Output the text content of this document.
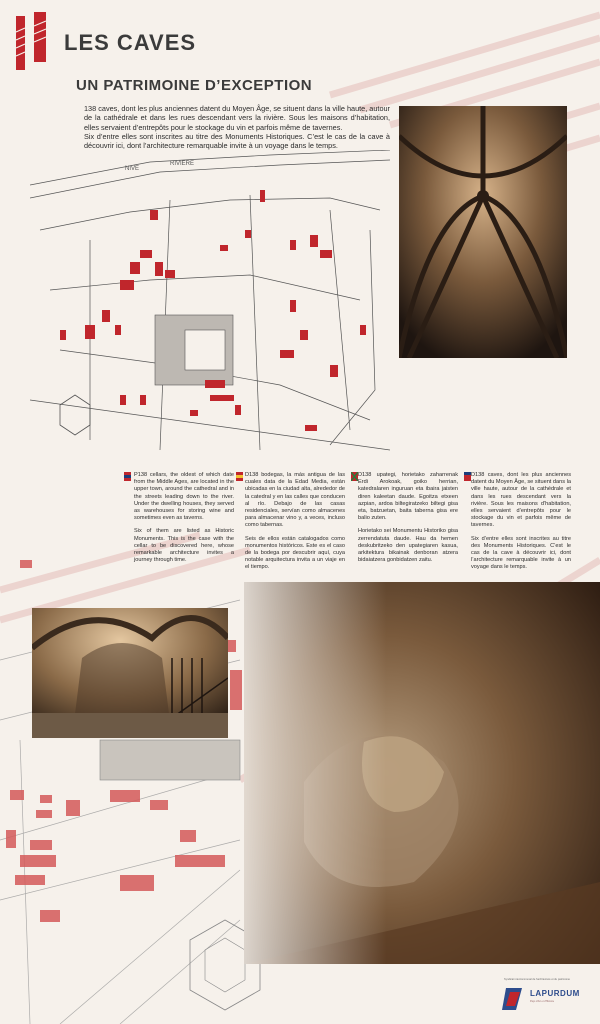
LES CAVES
UN PATRIMOINE D’EXCEPTION

138 caves, dont les plus anciennes datent du Moyen Âge, se situent dans la ville haute, autour de la cathédrale et dans les rues descendant vers la rivière. Sous les maisons d’habitation, elles servaient d’entrepôts pour le stockage du vin et parfois même de tavernes.

Six d’entre elles sont inscrites au titre des Monuments Historiques. C’est le cas de la cave à découvrir ici, dont l’architecture remarquable invite à un voyage dans le temps.

NIVE
RIVIERE

P138 cellars, the oldest of which date from the Middle Ages, are located in the upper town, around the cathedral and in the streets leading down to the river. Under the dwelling houses, they served as warehouses for storing wine and sometimes even as taverns.

Six of them are listed as Historic Monuments. This is the case with the cellar to be discovered here, whose remarkable architecture invites a journey through time.

D138 bodegas, la más antigua de las cuales data de la Edad Media, están ubicadas en la ciudad alta, alrededor de la catedral y en las calles que conducen al río. Debajo de las casas residenciales, servían como almacenes para almacenar vino y, a veces, incluso como tabernas.

Seis de ellos están catalogados como monumentos históricos. Este es el caso de la bodega por descubrir aquí, cuya notable arquitectura invita a un viaje en el tiempo.

D138 upategi, horietako zaharrenak Erdi Arokoak, goiko herrian, katedralaren inguruan eta ibaira jaisten diren kaleetan daude. Egoitza etxeen azpian, ardoa biltegiratzeko biltegi gisa eta, batzuetan, baita taberna gisa ere balio zuten.

Horietako sei Monumentu Historiko gisa zerrendatuta daude. Hau da hemen deskubritzeko den upategiaren kasua, arkitektura bikainak denboran atzera bidaiatzera gonbidatzen zaitu.

D138 caves, dont les plus anciennes datent du Moyen Âge, se situent dans la ville haute, autour de la cathédrale et dans les rues descendant vers la rivière. Sous les maisons d’habitation, elles servaient d’entrepôts pour le stockage du vin et parfois même de tavernes.

Six d’entre elles sont inscrites au titre des Monuments Historiques. C’est le cas de la cave à découvrir ici, dont l’architecture remarquable invite à un voyage dans le temps.

Syndicat intercommunal de l'architecture et du patrimoine
LAPURDUM
Pays d'Art et d'Histoire
